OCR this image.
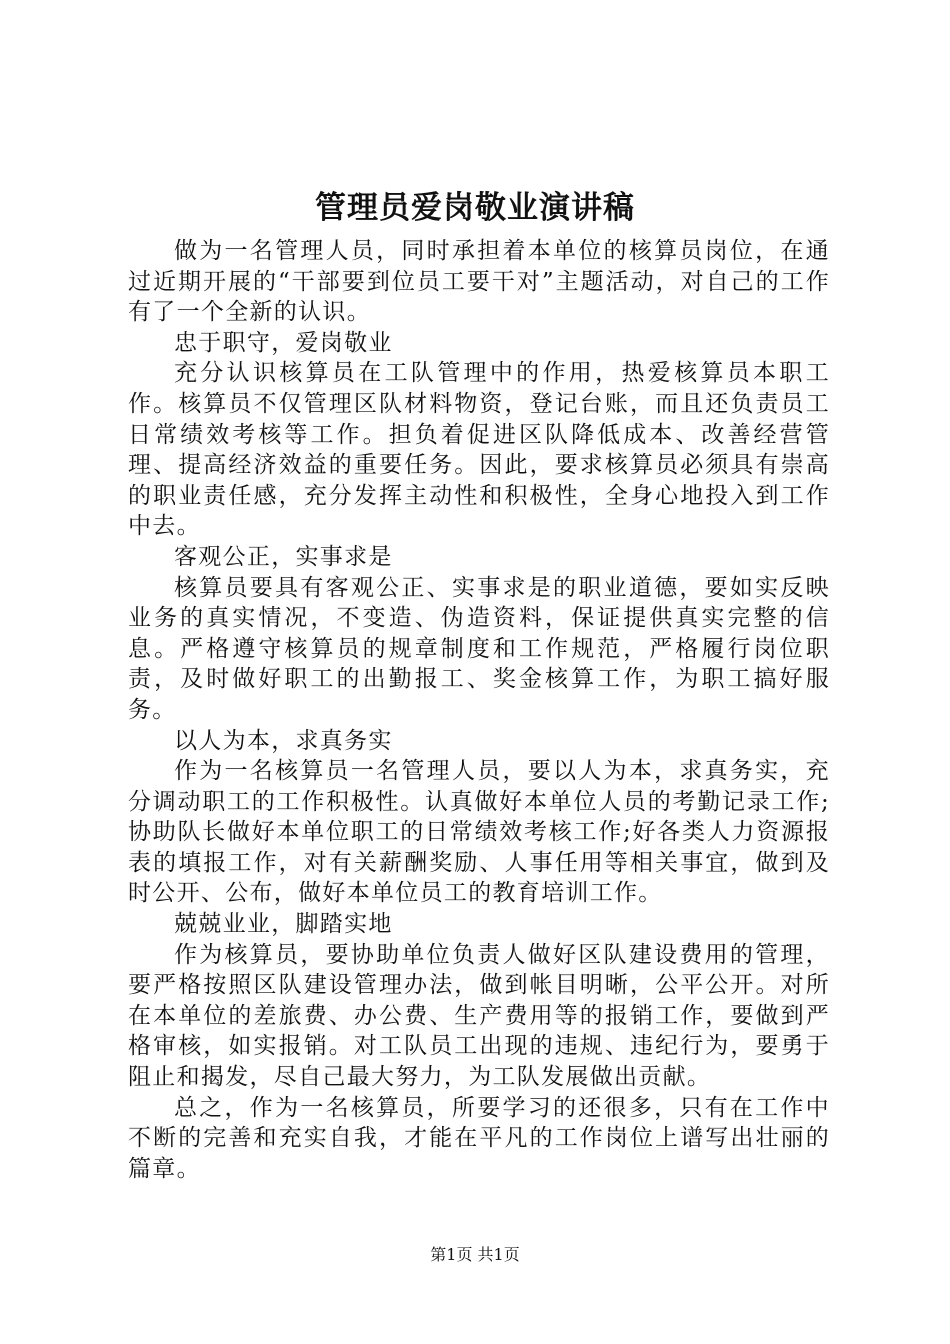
管理员爱岗敬业演讲稿

做为一名管理人员，同时承担着本单位的核算员岗位，在通过近期开展的“干部要到位员工要干对”主题活动，对自己的工作有了一个全新的认识。

忠于职守，爱岗敬业

充分认识核算员在工队管理中的作用，热爱核算员本职工作。核算员不仅管理区队材料物资，登记台账，而且还负责员工日常绩效考核等工作。担负着促进区队降低成本、改善经营管理、提高经济效益的重要任务。因此，要求核算员必须具有崇高的职业责任感，充分发挥主动性和积极性，全身心地投入到工作中去。

客观公正，实事求是

核算员要具有客观公正、实事求是的职业道德，要如实反映业务的真实情况，不变造、伪造资料，保证提供真实完整的信息。严格遵守核算员的规章制度和工作规范，严格履行岗位职责，及时做好职工的出勤报工、奖金核算工作，为职工搞好服务。

以人为本，求真务实

作为一名核算员一名管理人员，要以人为本，求真务实，充分调动职工的工作积极性。认真做好本单位人员的考勤记录工作;协助队长做好本单位职工的日常绩效考核工作;好各类人力资源报表的填报工作，对有关薪酬奖励、人事任用等相关事宜，做到及时公开、公布，做好本单位员工的教育培训工作。

兢兢业业，脚踏实地

作为核算员，要协助单位负责人做好区队建设费用的管理，要严格按照区队建设管理办法，做到帐目明晰，公平公开。对所在本单位的差旅费、办公费、生产费用等的报销工作，要做到严格审核，如实报销。对工队员工出现的违规、违纪行为，要勇于阻止和揭发，尽自己最大努力，为工队发展做出贡献。

总之，作为一名核算员，所要学习的还很多，只有在工作中不断的完善和充实自我，才能在平凡的工作岗位上谱写出壮丽的篇章。

第1页 共1页
